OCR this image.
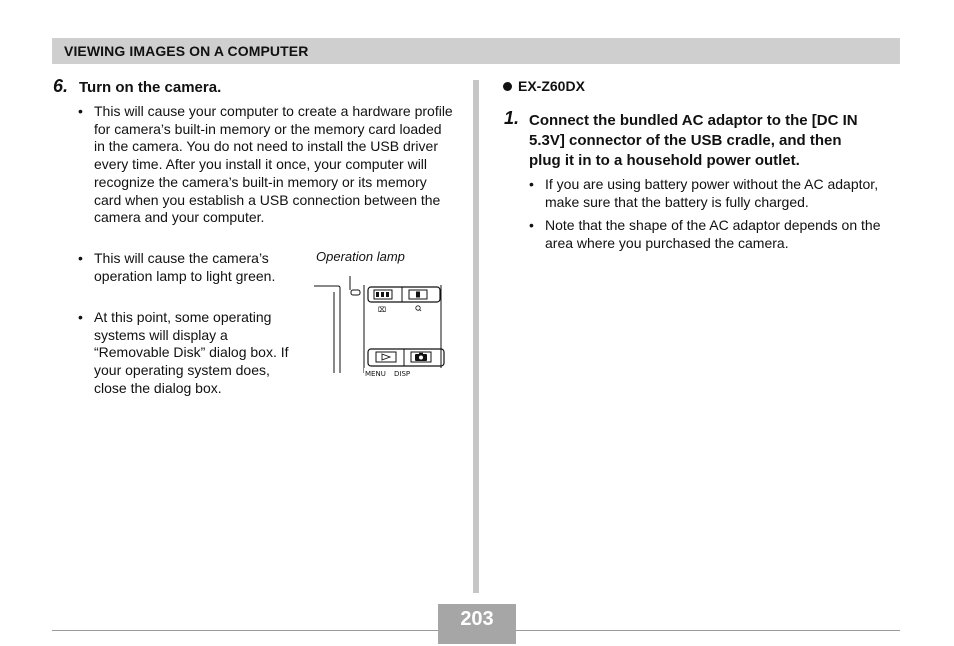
VIEWING IMAGES ON A COMPUTER
6. Turn on the camera.
• This will cause your computer to create a hardware profile for camera’s built-in memory or the memory card loaded in the camera. You do not need to install the USB driver every time. After you install it once, your computer will recognize the camera’s built-in memory or its memory card when you establish a USB connection between the camera and your computer.
• This will cause the camera’s operation lamp to light green.
• At this point, some operating systems will display a “Removable Disk” dialog box. If your operating system does, close the dialog box.
Operation lamp
⌧
MENU DISP
EX-Z60DX
1. Connect the bundled AC adaptor to the [DC IN
5.3V] connector of the USB cradle, and then
plug it in to a household power outlet.
• If you are using battery power without the AC adaptor, make sure that the battery is fully charged.
• Note that the shape of the AC adaptor depends on the area where you purchased the camera.
203
